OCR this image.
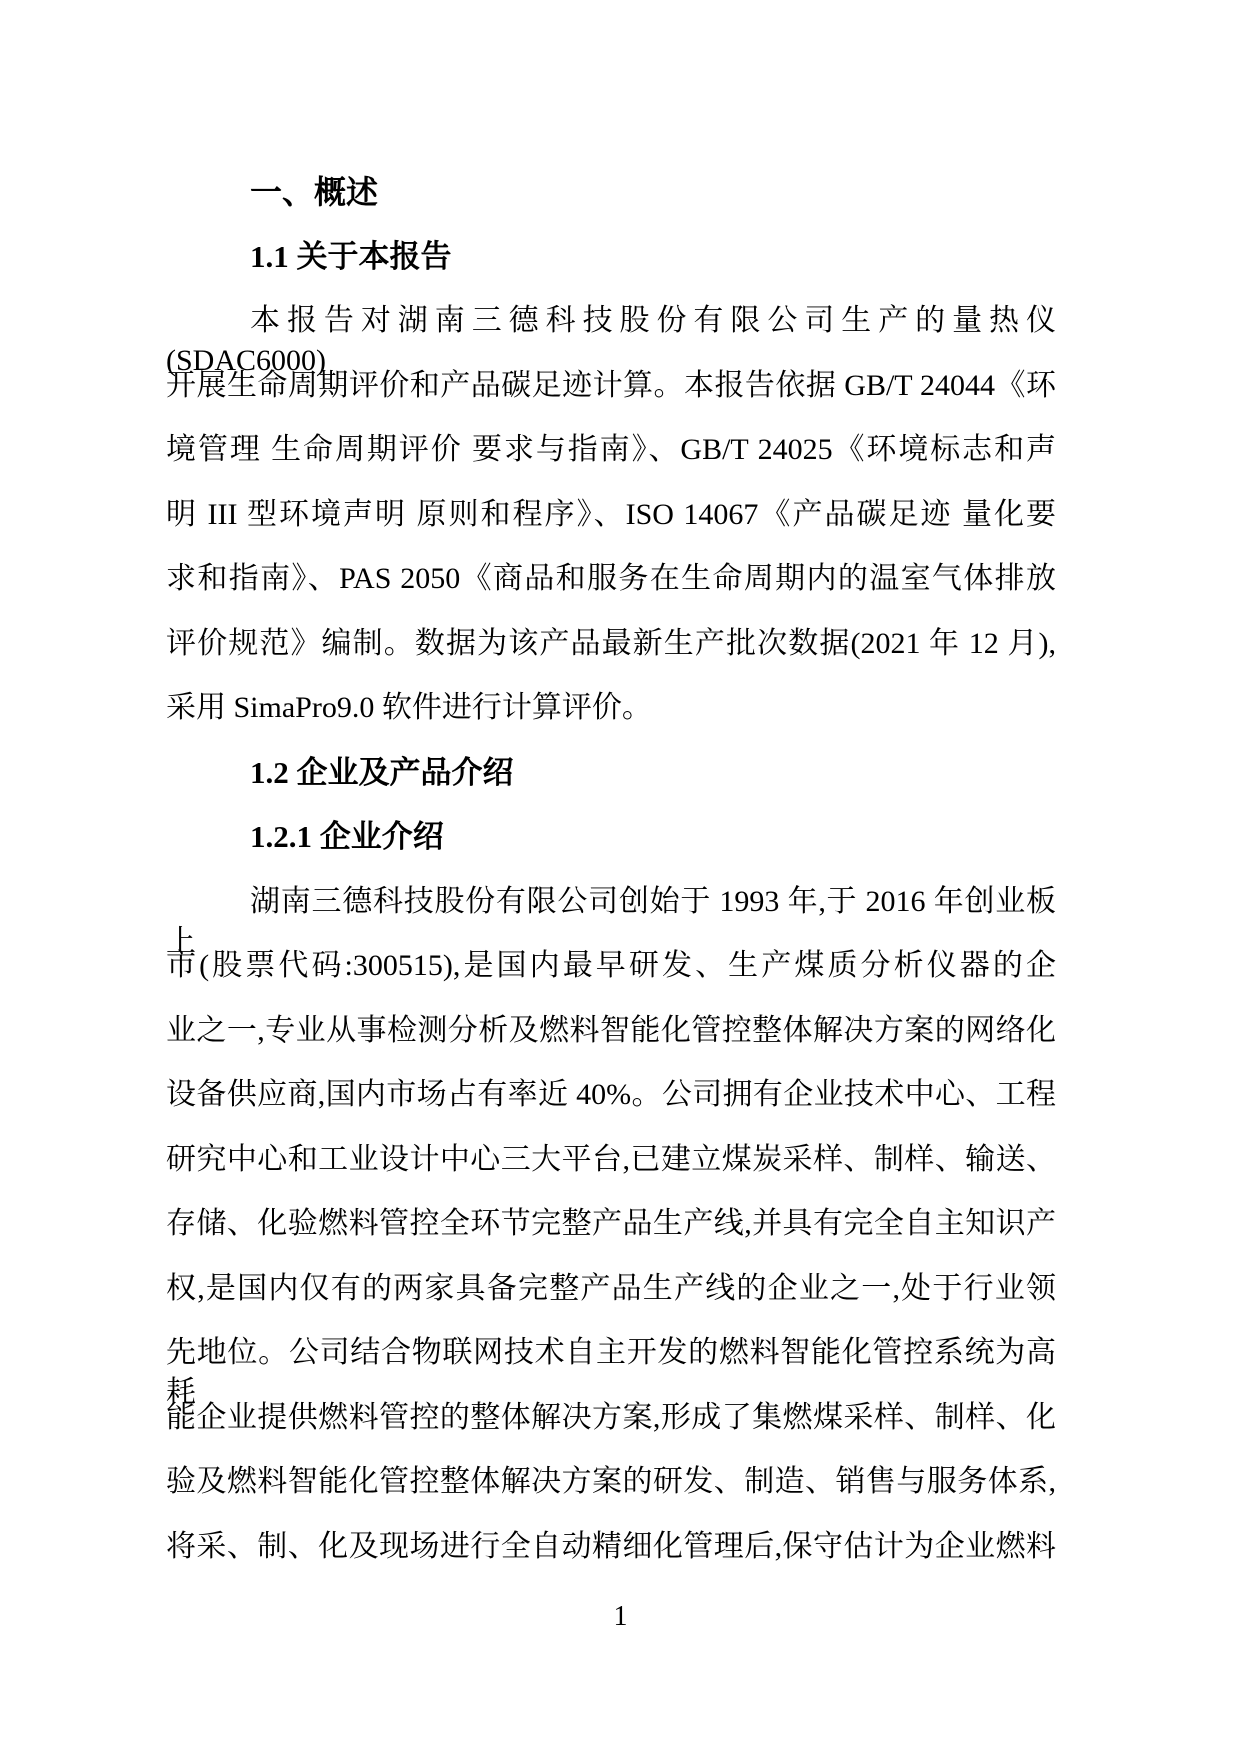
一、概述
1.1 关于本报告
本报告对湖南三德科技股份有限公司生产的量热仪(SDAC6000)
开展生命周期评价和产品碳足迹计算。本报告依据 GB/T 24044《环
境管理 生命周期评价 要求与指南》、GB/T 24025《环境标志和声
明 III 型环境声明 原则和程序》、ISO 14067《产品碳足迹 量化要
求和指南》、PAS 2050《商品和服务在生命周期内的温室气体排放
评价规范》编制。数据为该产品最新生产批次数据(2021 年 12 月),
采用 SimaPro9.0 软件进行计算评价。
1.2 企业及产品介绍
1.2.1 企业介绍
湖南三德科技股份有限公司创始于 1993 年,于 2016 年创业板上
市(股票代码:300515),是国内最早研发、生产煤质分析仪器的企
业之一,专业从事检测分析及燃料智能化管控整体解决方案的网络化
设备供应商,国内市场占有率近 40%。公司拥有企业技术中心、工程
研究中心和工业设计中心三大平台,已建立煤炭采样、制样、输送、
存储、化验燃料管控全环节完整产品生产线,并具有完全自主知识产
权,是国内仅有的两家具备完整产品生产线的企业之一,处于行业领
先地位。公司结合物联网技术自主开发的燃料智能化管控系统为高耗
能企业提供燃料管控的整体解决方案,形成了集燃煤采样、制样、化
验及燃料智能化管控整体解决方案的研发、制造、销售与服务体系,
将采、制、化及现场进行全自动精细化管理后,保守估计为企业燃料
1
